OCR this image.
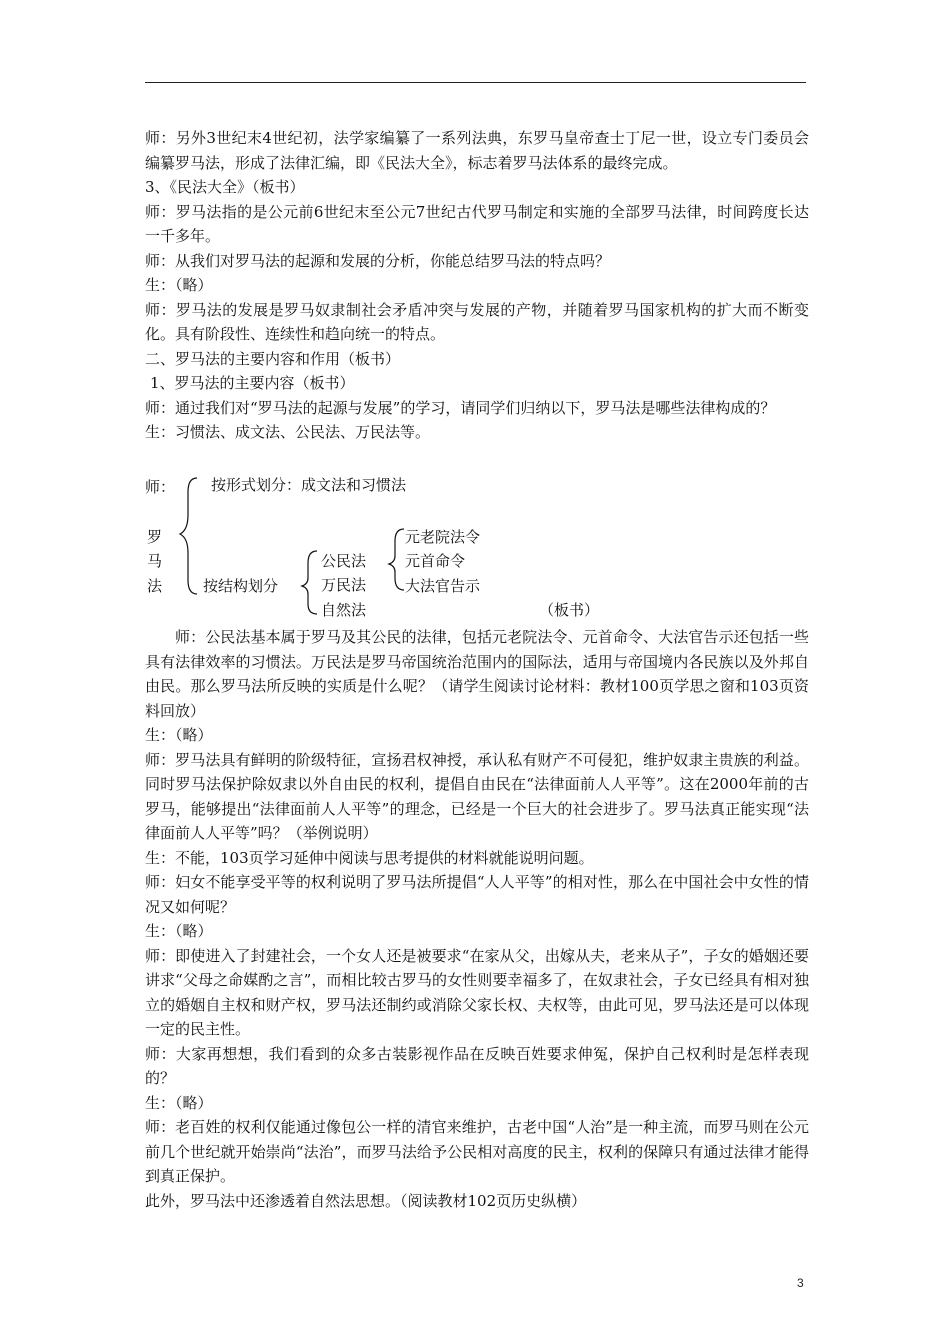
师：另外3世纪末4世纪初，法学家编纂了一系列法典，东罗马皇帝查士丁尼一世，设立专门委员会编纂罗马法，形成了法律汇编，即《民法大全》，标志着罗马法体系的最终完成。

3、《民法大全》（板书）

师：罗马法指的是公元前6世纪末至公元7世纪古代罗马制定和实施的全部罗马法律，时间跨度长达一千多年。

师：从我们对罗马法的起源和发展的分析，你能总结罗马法的特点吗？

生：（略）

师：罗马法的发展是罗马奴隶制社会矛盾冲突与发展的产物，并随着罗马国家机构的扩大而不断变化。具有阶段性、连续性和趋向统一的特点。

二、罗马法的主要内容和作用（板书）

1、罗马法的主要内容（板书）

师：通过我们对“罗马法的起源与发展”的学习，请同学们归纳以下，罗马法是哪些法律构成的？

生：习惯法、成文法、公民法、万民法等。

师：
罗
马
法
按形式划分：成文法和习惯法
按结构划分
公民法
万民法
自然法
元老院法令
元首命令
大法官告示
（板书）

师：公民法基本属于罗马及其公民的法律，包括元老院法令、元首命令、大法官告示还包括一些具有法律效率的习惯法。万民法是罗马帝国统治范围内的国际法，适用与帝国境内各民族以及外邦自由民。那么罗马法所反映的实质是什么呢？（请学生阅读讨论材料：教材100页学思之窗和103页资料回放）

生：（略）

师：罗马法具有鲜明的阶级特征，宣扬君权神授，承认私有财产不可侵犯，维护奴隶主贵族的利益。同时罗马法保护除奴隶以外自由民的权利，提倡自由民在“法律面前人人平等”。这在2000年前的古罗马，能够提出“法律面前人人平等”的理念，已经是一个巨大的社会进步了。罗马法真正能实现“法律面前人人平等”吗？（举例说明）

生：不能，103页学习延伸中阅读与思考提供的材料就能说明问题。

师：妇女不能享受平等的权利说明了罗马法所提倡“人人平等”的相对性，那么在中国社会中女性的情况又如何呢？

生：（略）

师：即使进入了封建社会，一个女人还是被要求“在家从父，出嫁从夫，老来从子”，子女的婚姻还要讲求“父母之命媒酌之言”，而相比较古罗马的女性则要幸福多了，在奴隶社会，子女已经具有相对独立的婚姻自主权和财产权，罗马法还制约或消除父家长权、夫权等，由此可见，罗马法还是可以体现一定的民主性。

师：大家再想想，我们看到的众多古装影视作品在反映百姓要求伸冤，保护自己权利时是怎样表现的？

生：（略）

师：老百姓的权利仅能通过像包公一样的清官来维护，古老中国“人治”是一种主流，而罗马则在公元前几个世纪就开始崇尚“法治”，而罗马法给予公民相对高度的民主，权利的保障只有通过法律才能得到真正保护。

此外，罗马法中还渗透着自然法思想。（阅读教材102页历史纵横）

3
